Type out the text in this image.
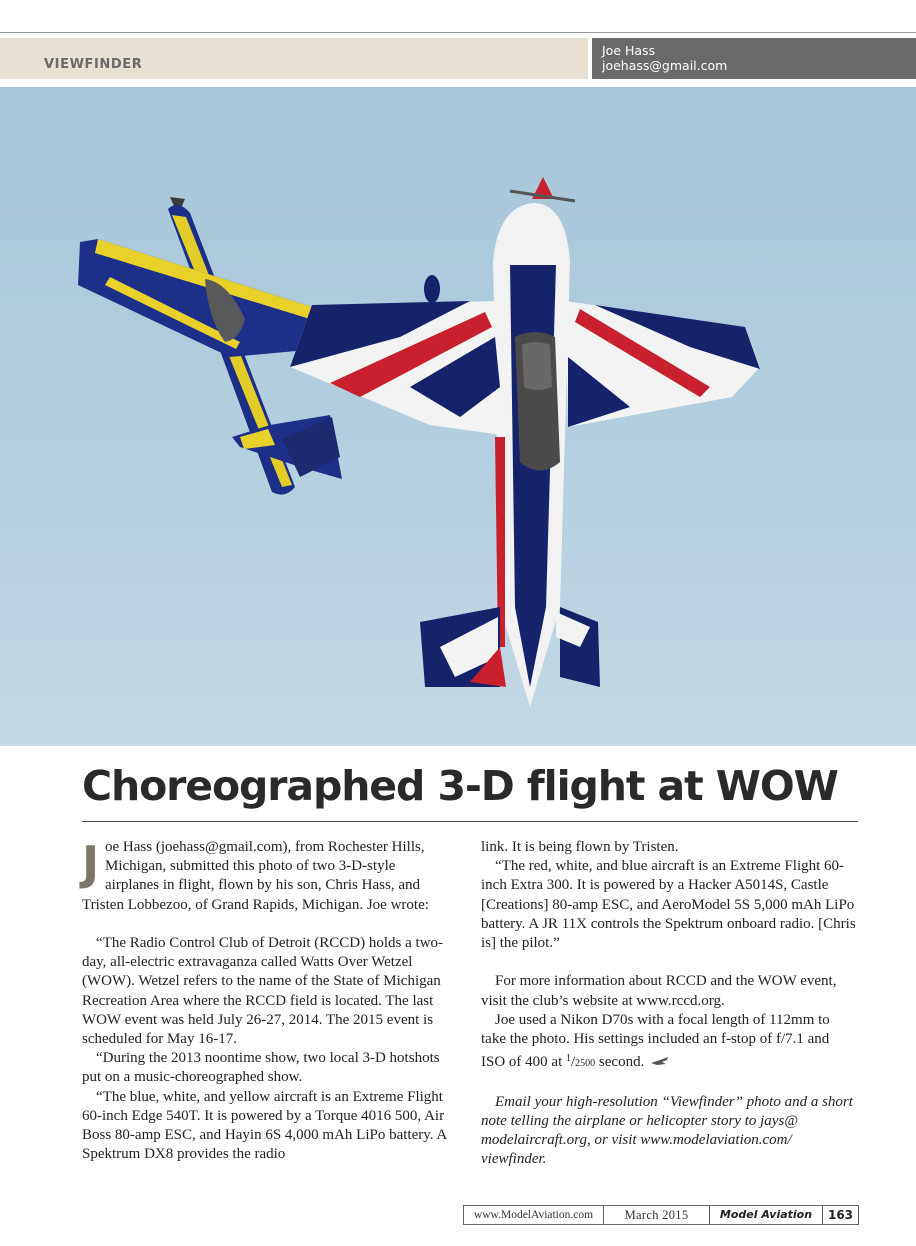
VIEWFINDER
Joe Hass
joehass@gmail.com
Choreographed 3-D flight at WOW
J oe Hass (joehass@gmail.com), from Rochester Hills,
Michigan, submitted this photo of two 3-D-style
airplanes in flight, flown by his son, Chris Hass, and

Tristen Lobbezoo, of Grand Rapids, Michigan. Joe wrote:

“The Radio Control Club of Detroit (RCCD) holds a two-day, all-electric extravaganza called Watts Over Wetzel (WOW). Wetzel refers to the name of the State of Michigan Recreation Area where the RCCD field is located. The last WOW event was held July 26-27, 2014. The 2015 event is scheduled for May 16-17.

“During the 2013 noontime show, two local 3-D hotshots put on a music-choreographed show.

“The blue, white, and yellow aircraft is an Extreme Flight 60-inch Edge 540T. It is powered by a Torque 4016 500, Air Boss 80-amp ESC, and Hayin 6S 4,000 mAh LiPo battery. A Spektrum DX8 provides the radio

link. It is being flown by Tristen.

“The red, white, and blue aircraft is an Extreme Flight 60-inch Extra 300. It is powered by a Hacker A5014S, Castle [Creations] 80-amp ESC, and AeroModel 5S 5,000 mAh LiPo battery. A JR 11X controls the Spektrum onboard radio. [Chris is] the pilot.”

For more information about RCCD and the WOW event, visit the club’s website at www.rccd.org.

Joe used a Nikon D70s with a focal length of 112mm to take the photo. His settings included an f-stop of f/7.1 and ISO of 400 at $^1$/2500 second.

Email your high-resolution “Viewfinder” photo and a short note telling the airplane or helicopter story to jays@ modelaircraft.org, or visit www.modelaviation.com/ viewfinder.

www.ModelAviation.com	March 2015	Model Aviation	163
